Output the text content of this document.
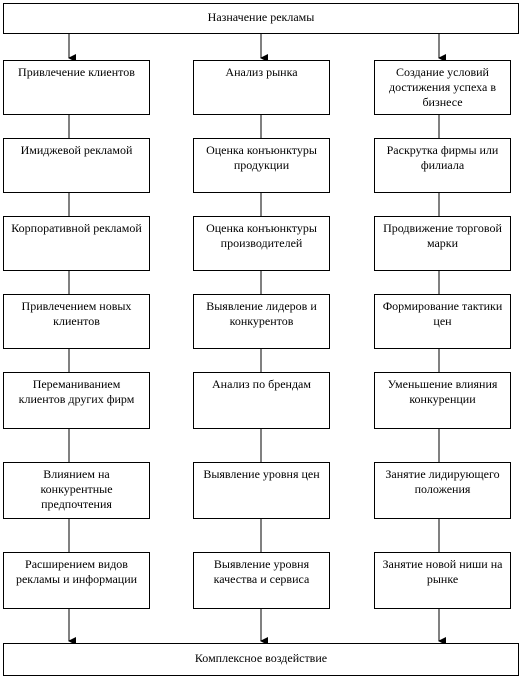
Назначение рекламы
Привлечение клиентов
Имиджевой рекламой
Корпоративной рекламой
Привлечением новых клиентов
Переманиванием клиентов других фирм
Влиянием на конкурентные предпочтения
Расширением видов рекламы и информации
Анализ рынка
Оценка конъюнктуры продукции
Оценка конъюнктуры производителей
Выявление лидеров и конкурентов
Анализ по брендам
Выявление уровня цен
Выявление уровня качества и сервиса
Создание условий достижения успеха в бизнесе
Раскрутка фирмы или филиала
Продвижение торговой марки
Формирование тактики цен
Уменьшение влияния конкуренции
Занятие лидирующего положения
Занятие новой ниши на рынке
Комплексное воздействие
